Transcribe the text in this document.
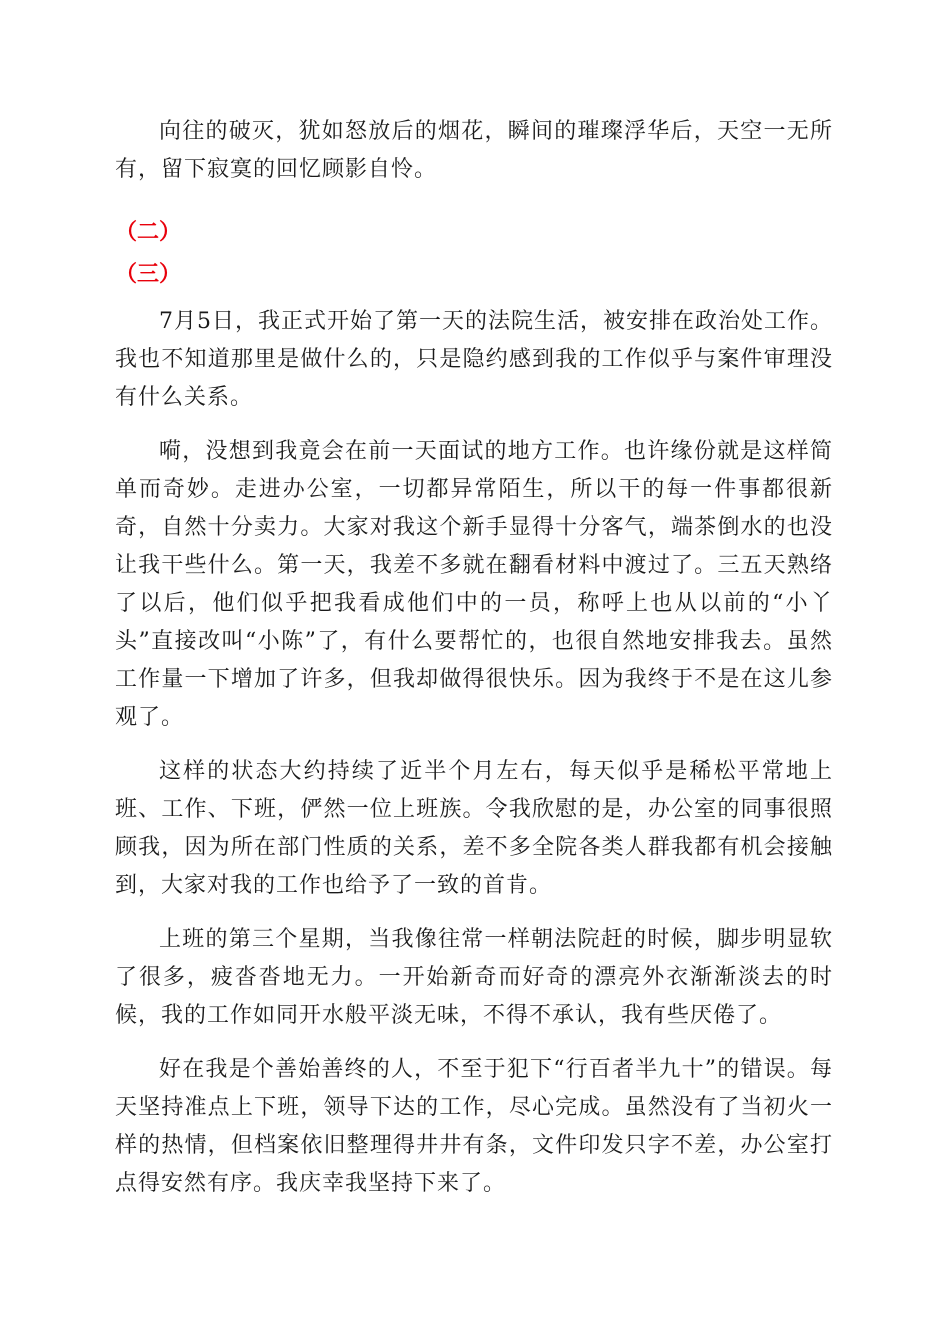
向往的破灭，犹如怒放后的烟花，瞬间的璀璨浮华后，天空一无所有，留下寂寞的回忆顾影自怜。

（二）

（三）

7月5日，我正式开始了第一天的法院生活，被安排在政治处工作。我也不知道那里是做什么的，只是隐约感到我的工作似乎与案件审理没有什么关系。

嗬，没想到我竟会在前一天面试的地方工作。也许缘份就是这样简单而奇妙。走进办公室，一切都异常陌生，所以干的每一件事都很新奇，自然十分卖力。大家对我这个新手显得十分客气，端茶倒水的也没让我干些什么。第一天，我差不多就在翻看材料中渡过了。三五天熟络了以后，他们似乎把我看成他们中的一员，称呼上也从以前的“小丫头”直接改叫“小陈”了，有什么要帮忙的，也很自然地安排我去。虽然工作量一下增加了许多，但我却做得很快乐。因为我终于不是在这儿参观了。

这样的状态大约持续了近半个月左右，每天似乎是稀松平常地上班、工作、下班，俨然一位上班族。令我欣慰的是，办公室的同事很照顾我，因为所在部门性质的关系，差不多全院各类人群我都有机会接触到，大家对我的工作也给予了一致的首肯。

上班的第三个星期，当我像往常一样朝法院赶的时候，脚步明显软了很多，疲沓沓地无力。一开始新奇而好奇的漂亮外衣渐渐淡去的时候，我的工作如同开水般平淡无味，不得不承认，我有些厌倦了。

好在我是个善始善终的人，不至于犯下“行百者半九十”的错误。每天坚持准点上下班，领导下达的工作，尽心完成。虽然没有了当初火一样的热情，但档案依旧整理得井井有条，文件印发只字不差，办公室打点得安然有序。我庆幸我坚持下来了。
